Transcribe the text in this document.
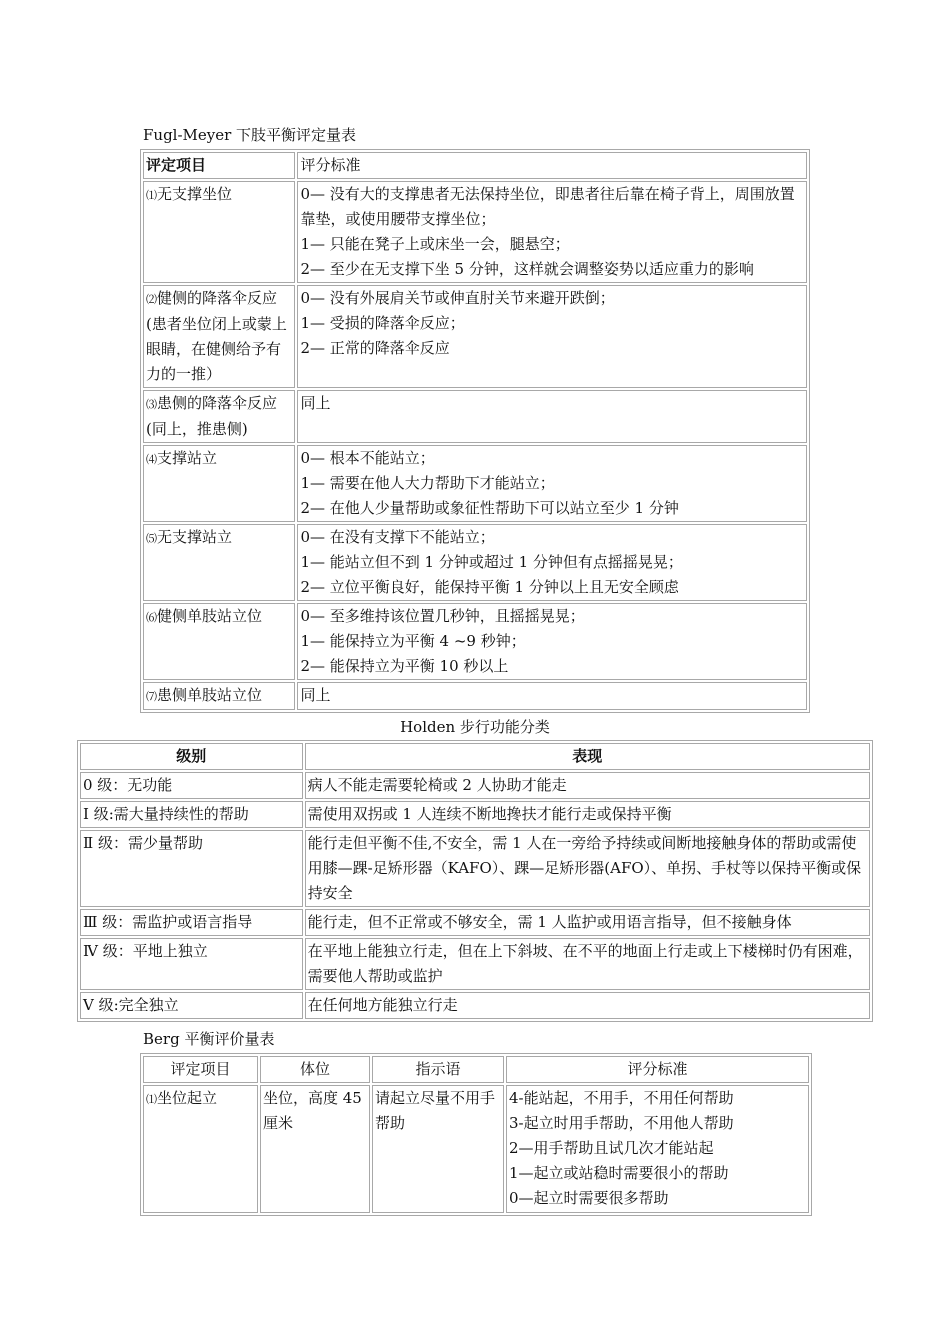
Fugl-Meyer 下肢平衡评定量表
评定项目	评分标准
⑴无支撑坐位	0— 没有大的支撑患者无法保持坐位，即患者往后靠在椅子背上，周围放置靠垫，或使用腰带支撑坐位；
1— 只能在凳子上或床坐一会，腿悬空；
2— 至少在无支撑下坐 5 分钟，这样就会调整姿势以适应重力的影响

⑵健侧的降落伞反应(患者坐位闭上或蒙上眼睛，在健侧给予有力的一推）	0— 没有外展肩关节或伸直肘关节来避开跌倒；
1— 受损的降落伞反应；
2— 正常的降落伞反应

⑶患侧的降落伞反应(同上，推患侧)	同上

⑷支撑站立	0— 根本不能站立；
1— 需要在他人大力帮助下才能站立；
2— 在他人少量帮助或象征性帮助下可以站立至少 1 分钟

⑸无支撑站立	0— 在没有支撑下不能站立；
1— 能站立但不到 1 分钟或超过 1 分钟但有点摇摇晃晃；
2— 立位平衡良好，能保持平衡 1 分钟以上且无安全顾虑

⑹健侧单肢站立位	0— 至多维持该位置几秒钟，且摇摇晃晃；
1— 能保持立为平衡 4 ~9 秒钟；
2— 能保持立为平衡 10 秒以上

⑺患侧单肢站立位	同上
Holden 步行功能分类
级别	表现
0 级：无功能	病人不能走需要轮椅或 2 人协助才能走
Ⅰ 级:需大量持续性的帮助	需使用双拐或 1 人连续不断地搀扶才能行走或保持平衡
Ⅱ 级：需少量帮助	能行走但平衡不佳,不安全，需 1 人在一旁给予持续或间断地接触身体的帮助或需使用膝—踝-足矫形器（KAFO）、踝—足矫形器(AFO）、单拐、手杖等以保持平衡或保持安全
Ⅲ 级：需监护或语言指导	能行走，但不正常或不够安全，需 1 人监护或用语言指导，但不接触身体
Ⅳ 级：平地上独立	在平地上能独立行走，但在上下斜坡、在不平的地面上行走或上下楼梯时仍有困难，需要他人帮助或监护
Ⅴ 级:完全独立	在任何地方能独立行走
Berg 平衡评价量表
评定项目	体位	指示语	评分标准
⑴坐位起立	坐位，高度 45 厘米	请起立尽量不用手帮助	4-能站起，不用手，不用任何帮助
3-起立时用手帮助，不用他人帮助
2—用手帮助且试几次才能站起
1—起立或站稳时需要很小的帮助
0—起立时需要很多帮助
